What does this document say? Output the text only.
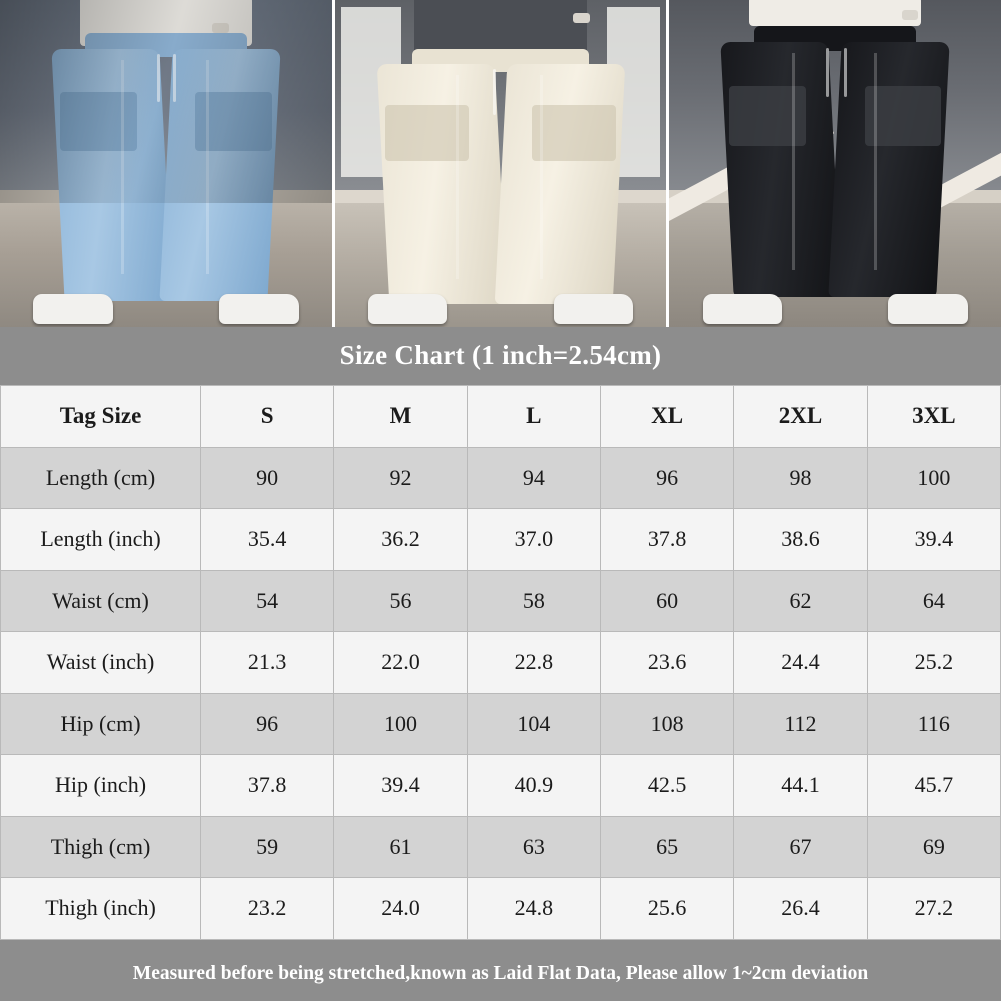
Size Chart (1 inch=2.54cm)
Tag Size	S	M	L	XL	2XL	3XL
Length (cm)	90	92	94	96	98	100
Length (inch)	35.4	36.2	37.0	37.8	38.6	39.4
Waist (cm)	54	56	58	60	62	64
Waist (inch)	21.3	22.0	22.8	23.6	24.4	25.2
Hip (cm)	96	100	104	108	112	116
Hip (inch)	37.8	39.4	40.9	42.5	44.1	45.7
Thigh (cm)	59	61	63	65	67	69
Thigh (inch)	23.2	24.0	24.8	25.6	26.4	27.2
Measured before being stretched,known as Laid Flat Data, Please allow 1~2cm deviation
